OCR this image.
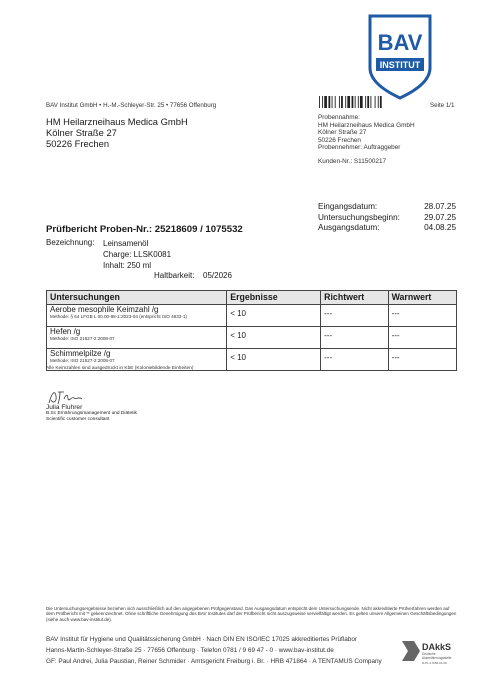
BAV
INSTITUT
BAV Institut GmbH • H.-M.-Schleyer-Str. 25 • 77656 Offenburg	Seite 1/1
HM Heilarzneihaus Medica GmbH
Kölner Straße 27
50226 Frechen
Probennahme:
HM Heilarzneihaus Medica GmbH
Kölner Straße 27
50226 Frechen
Probennehmer: Auftraggeber
Kunden-Nr.: S11500217
Eingangsdatum:	28.07.25
Untersuchungsbeginn:	29.07.25
Ausgangsdatum:	04.08.25
Prüfbericht Proben-Nr.: 25218609 / 1075532
Bezeichnung: Leinsamenöl
Charge: LLSK0081
Inhalt: 250 ml
Haltbarkeit: 05/2026
Untersuchungen	Ergebnisse	Richtwert	Warnwert

Aerobe mesophile Keimzahl /g
Methode: § 64 LFGB L 00.00-88-1:2023-04 (entspricht ISO 4833-1)	< 10	---	---

Hefen /g
Methode: ISO 21527-2:2008-07	< 10	---	---

Schimmelpilze /g
Methode: ISO 21527-2:2008-07	< 10	---	---
Alle Keimzahlen sind ausgedrückt in KbE (Koloniebildende Einheiten)
Julia Fluhrer
B.Sc Ernährungsmanagement und Diätetik
Scientific customer consultant
Die Untersuchungsergebnisse beziehen sich ausschließlich auf den angegebenen Prüfgegenstand. Das Ausgangsdatum entspricht dem Untersuchungsende. Nicht akkreditierte Prüfverfahren werden auf dem Prüfbericht mit ** gekennzeichnet. Ohne schriftliche Genehmigung des BAV Institutes darf der Prüfbericht nicht auszugsweise vervielfältigt werden. Es gelten unsere Allgemeinen Geschäftsbedingungen (siehe auch www.bav-institut.de).
BAV Institut für Hygiene und Qualitätssicherung GmbH · Nach DIN EN ISO/IEC 17025 akkreditiertes Prüflabor
Hanns-Martin-Schleyer-Straße 25 · 77656 Offenburg · Telefon 0781 / 9 69 47 - 0 · www.bav-institut.de
GF: Paul Andrei, Julia Paustian, Reiner Schmider · Amtsgericht Freiburg i. Br. · HRB 471864 · A TENTAMUS Company
DAkkS
Deutsche
Akkreditierungsstelle
D-PL-17056-01-00
